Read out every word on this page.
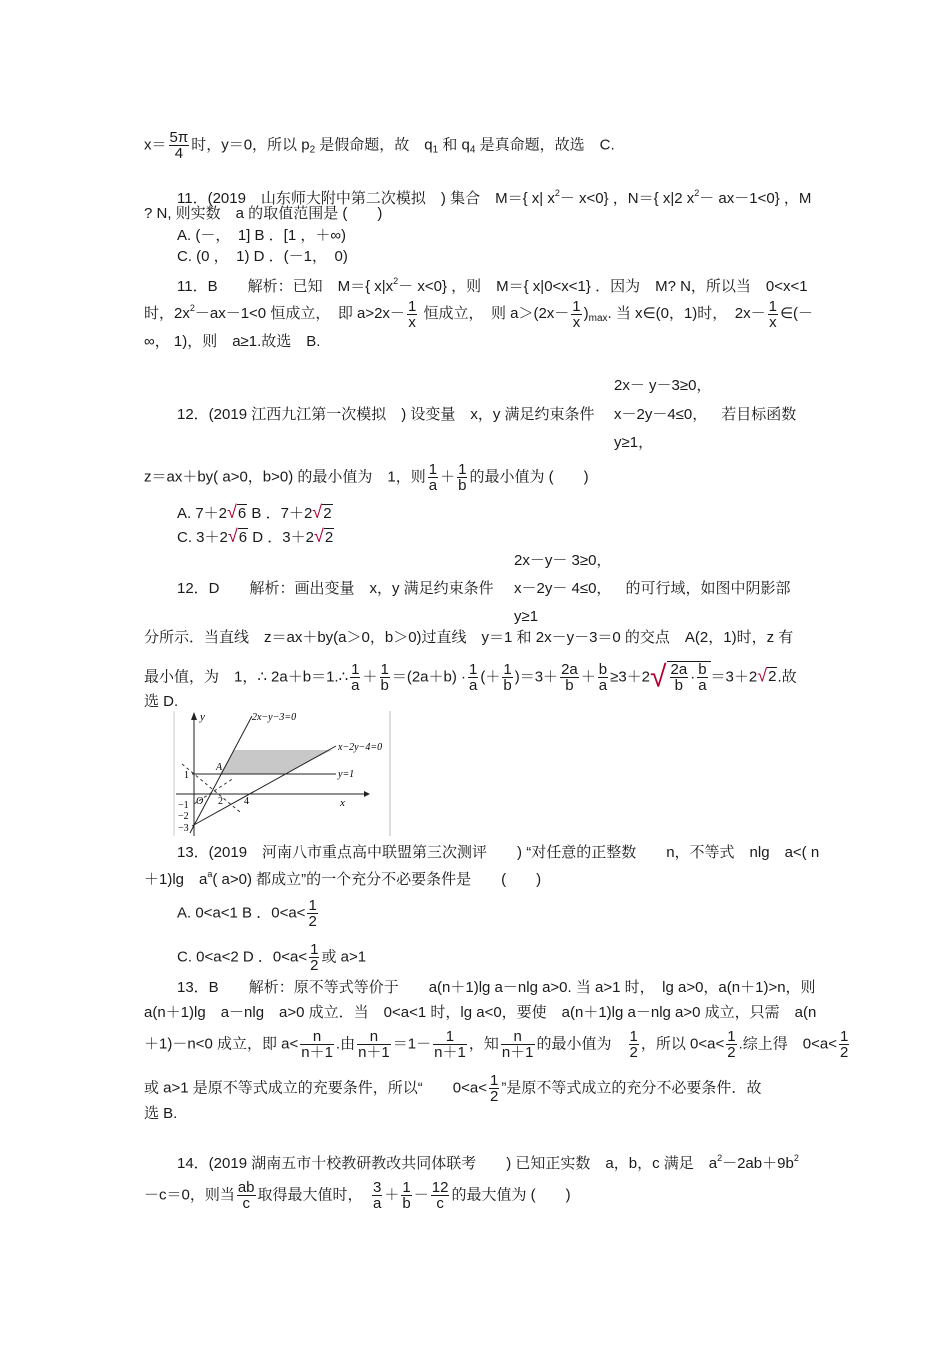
$x= \frac{5\pi}{4}$ 时，y＝0，所以 $p_2$ 是假命题，故　$q_1$ 和 $q_4$ 是真命题，故选　C.
11．(2019　山东师大附中第二次模拟　) 集合　M＝{ x| $x^2- x<0$} ，N＝{ x|2 $x^2- ax-1<0$} ，M
? N, 则实数　a 的取值范围是 (　　)
A. (－，　1] B ．[1 ，＋∞)
C. (0 ，　1) D ．(－1，　0)
11．B　　解析：已知　M＝{ $x|x^2- x<0$} ，则　M＝{ x|0<x<1} ．因为　M? N，所以当　0<x<1
时，$2x^2-ax-1<0$ 恒成立，　即 $a>2x- \frac{1}{x}$ 恒成立，　则 $a>(2x- \frac{1}{x} )_{max}$. 当 x∈(0，1)时，　$2x- \frac{1}{x}$ ∈(－
∞， 1)，则　a≥1.故选　B.
2x－ y－3≥0，
12．(2019 江西九江第一次模拟　) 设变量　x，y 满足约束条件 x－2y－4≤0， 若目标函数
y≥1，
z＝ax＋by( a>0，b>0) 的最小值为　1，则 $\frac{1}{a} + \frac{1}{b}$ 的最小值为 (　　)
A. 7＋2√6 B ．7＋2√2
C. 3＋2√6 D ．3＋2√2
2x－y－ 3≥0，
12．D　　解析：画出变量　x，y 满足约束条件 x－2y－ 4≤0， 的可行域，如图中阴影部
y≥1
分所示．当直线　z＝ax＋by(a＞0，b＞0)过直线　y＝1 和 2x－y－3＝0 的交点　A(2，1)时，z 有
最小值，为　1，∴ 2a＋b＝1.∴ $\frac{1}{a} + \frac{1}{b} =(2a+b) \cdot \frac{1}{a}$ (＋ $\frac{1}{b} )=3+ \frac{2a}{b} + \frac{b}{a} \ge 3+2√ \frac{2a}{b} \cdot \frac{b}{a} =3+2√2$.故
选 D.
y
x
2x−y−3=0
x−2y−4=0
y=1
A
O
1
2 4
−1
−2
−3
13．(2019　河南八市重点高中联盟第三次测评　　) “对任意的正整数　　n，不等式　nlg　a<( n
＋1)lg　$a^a$( a>0) 都成立”的一个充分不必要条件是　　(　　)
A. 0<a<1 B ．$0<a< \frac{1}{2}$
C. 0<a<2 D ．$0<a< \frac{1}{2}$ 或 a>1
13．B　　解析：原不等式等价于　　a(n＋1)lg a－nlg a>0. 当 a>1 时，　lg a>0，a(n＋1)>n，则
a(n＋1)lg　a－nlg　a>0 成立．当　0<a<1 时，lg a<0，要使　a(n＋1)lg a－nlg a>0 成立，只需　a(n
＋1)－n<0 成立，即 $a< \frac{n}{n+1}$ .由 $\frac{n}{n+1} =1- \frac{1}{n+1}$ ，知 $\frac{n}{n+1}$ 的最小值为　 $\frac{1}{2}$ ，所以 $0<a< \frac{1}{2}$ .综上得　$0<a< \frac{1}{2}$
或 a>1 是原不等式成立的充要条件，所以“　　$0<a< \frac{1}{2}$ ”是原不等式成立的充分不必要条件．故
选 B.
14．(2019 湖南五市十校教研教改共同体联考　　) 已知正实数　a，b，c 满足　$a^2-2ab+9b^2$
－c＝0，则当 $\frac{ab}{c}$ 取得最大值时，　 $\frac{3}{a} + \frac{1}{b} - \frac{12}{c}$ 的最大值为 (　　)
